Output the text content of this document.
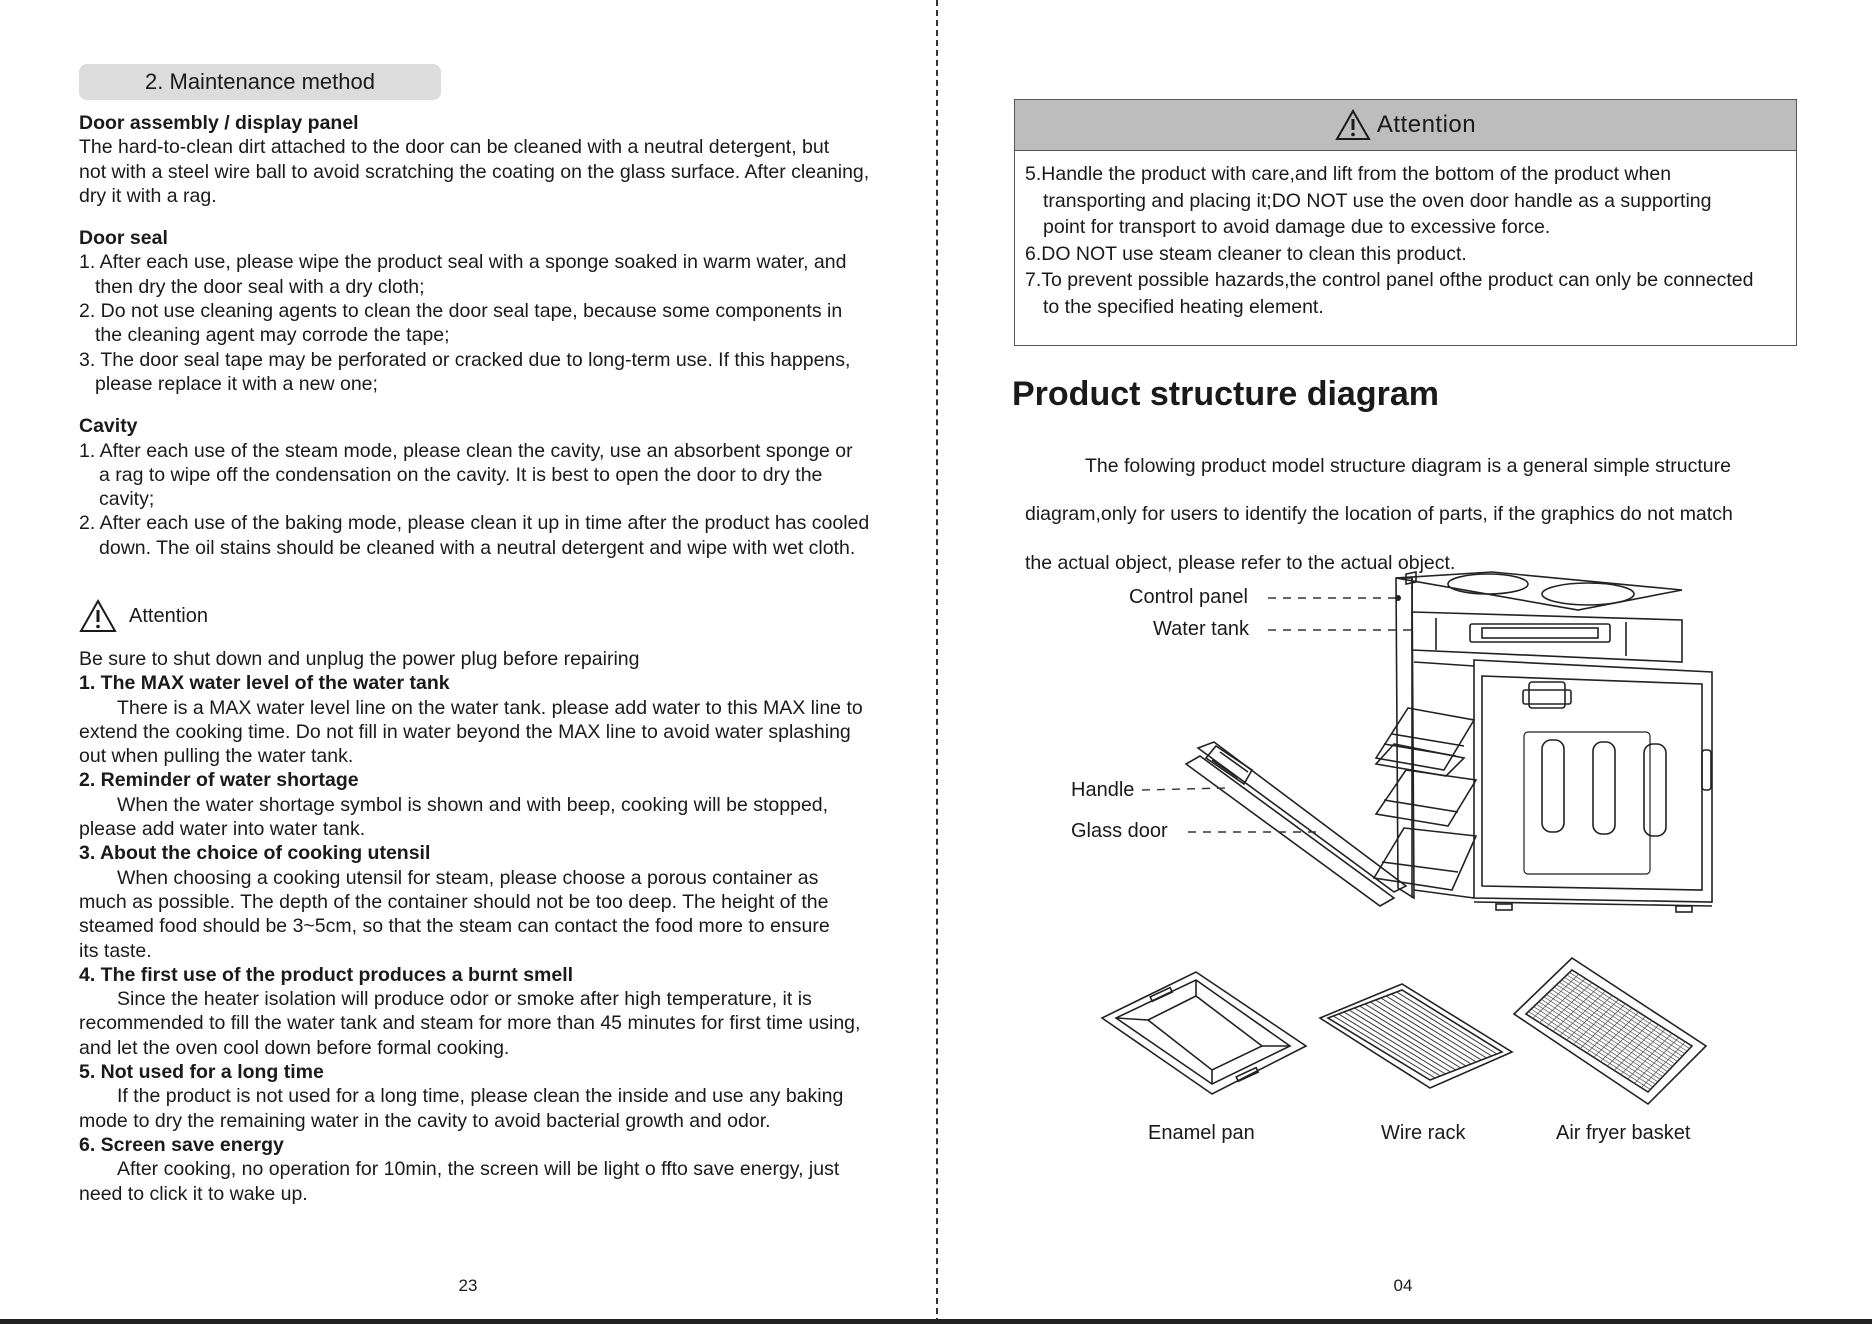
2. Maintenance method

Door assembly / display panel

The hard-to-clean dirt attached to the door can be cleaned with a neutral detergent, but

not with a steel wire ball to avoid scratching the coating on the glass surface. After cleaning,

dry it with a rag.

Door seal

1. After each use, please wipe the product seal with a sponge soaked in warm water, and

then dry the door seal with a dry cloth;

2. Do not use cleaning agents to clean the door seal tape, because some components in

the cleaning agent may corrode the tape;

3. The door seal tape may be perforated or cracked due to long-term use. If this happens,

please replace it with a new one;

Cavity

1. After each use of the steam mode, please clean the cavity, use an absorbent sponge or

a rag to wipe off the condensation on the cavity. It is best to open the door to dry the

cavity;

2. After each use of the baking mode, please clean it up in time after the product has cooled

down. The oil stains should be cleaned with a neutral detergent and wipe with wet cloth.

Attention

Be sure to shut down and unplug the power plug before repairing

1. The MAX water level of the water tank

There is a MAX water level line on the water tank. please add water to this MAX line to

extend the cooking time. Do not fill in water beyond the MAX line to avoid water splashing

out when pulling the water tank.

2. Reminder of water shortage

When the water shortage symbol is shown and with beep, cooking will be stopped,

please add water into water tank.

3. About the choice of cooking utensil

When choosing a cooking utensil for steam, please choose a porous container as

much as possible. The depth of the container should not be too deep. The height of the

steamed food should be 3~5cm, so that the steam can contact the food more to ensure

its taste.

4. The first use of the product produces a burnt smell

Since the heater isolation will produce odor or smoke after high temperature, it is

recommended to fill the water tank and steam for more than 45 minutes for first time using,

and let the oven cool down before formal cooking.

5. Not used for a long time

If the product is not used for a long time, please clean the inside and use any baking

mode to dry the remaining water in the cavity to avoid bacterial growth and odor.

6. Screen save energy

After cooking, no operation for 10min, the screen will be light o ffto save energy, just

need to click it to wake up.

23
Attention

5.Handle the product with care,and lift from the bottom of the product when

transporting and placing it;DO NOT use the oven door handle as a supporting

point for transport to avoid damage due to excessive force.

6.DO NOT use steam cleaner to clean this product.

7.To prevent possible hazards,the control panel ofthe product can only be connected

to the specified heating element.

Product structure diagram

The folowing product model structure diagram is a general simple structure

diagram,only for users to identify the location of parts, if the graphics do not match

the actual object, please refer to the actual object.

Control panel
Water tank
Handle
Glass door
Enamel pan	Wire rack	Air fryer basket
04
